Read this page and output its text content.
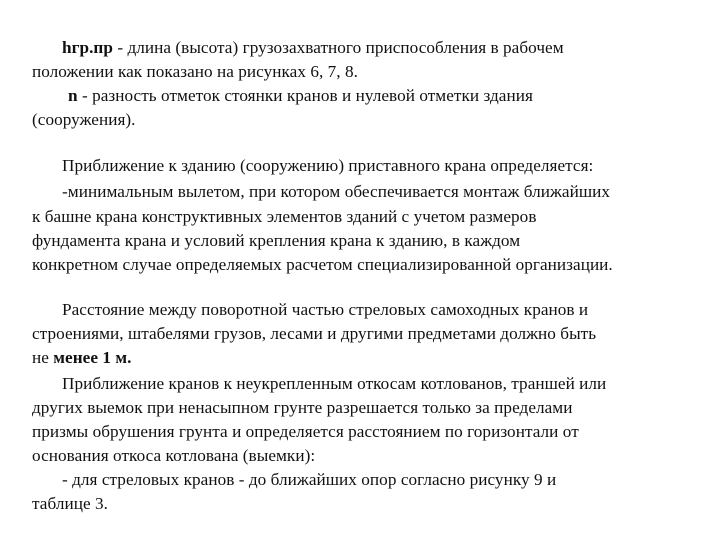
hгр.пр - длина (высота) грузозахватного приспособления в рабочем
положении как показано на рисунках 6, 7, 8.
n - разность отметок стоянки кранов и нулевой отметки здания
(сооружения).
Приближение к зданию (сооружению) приставного крана определяется:
-минимальным вылетом, при котором обеспечивается монтаж ближайших
к башне крана конструктивных элементов зданий с учетом размеров
фундамента крана и условий крепления крана к зданию, в каждом
конкретном случае определяемых расчетом специализированной организации.
Расстояние между поворотной частью стреловых самоходных кранов и
строениями, штабелями грузов, лесами и другими предметами должно быть
не менее 1 м.
Приближение кранов к неукрепленным откосам котлованов, траншей или
других выемок при ненасыпном грунте разрешается только за пределами
призмы обрушения грунта и определяется расстоянием по горизонтали от
основания откоса котлована (выемки):
- для стреловых кранов - до ближайших опор согласно рисунку 9 и
таблице 3.
